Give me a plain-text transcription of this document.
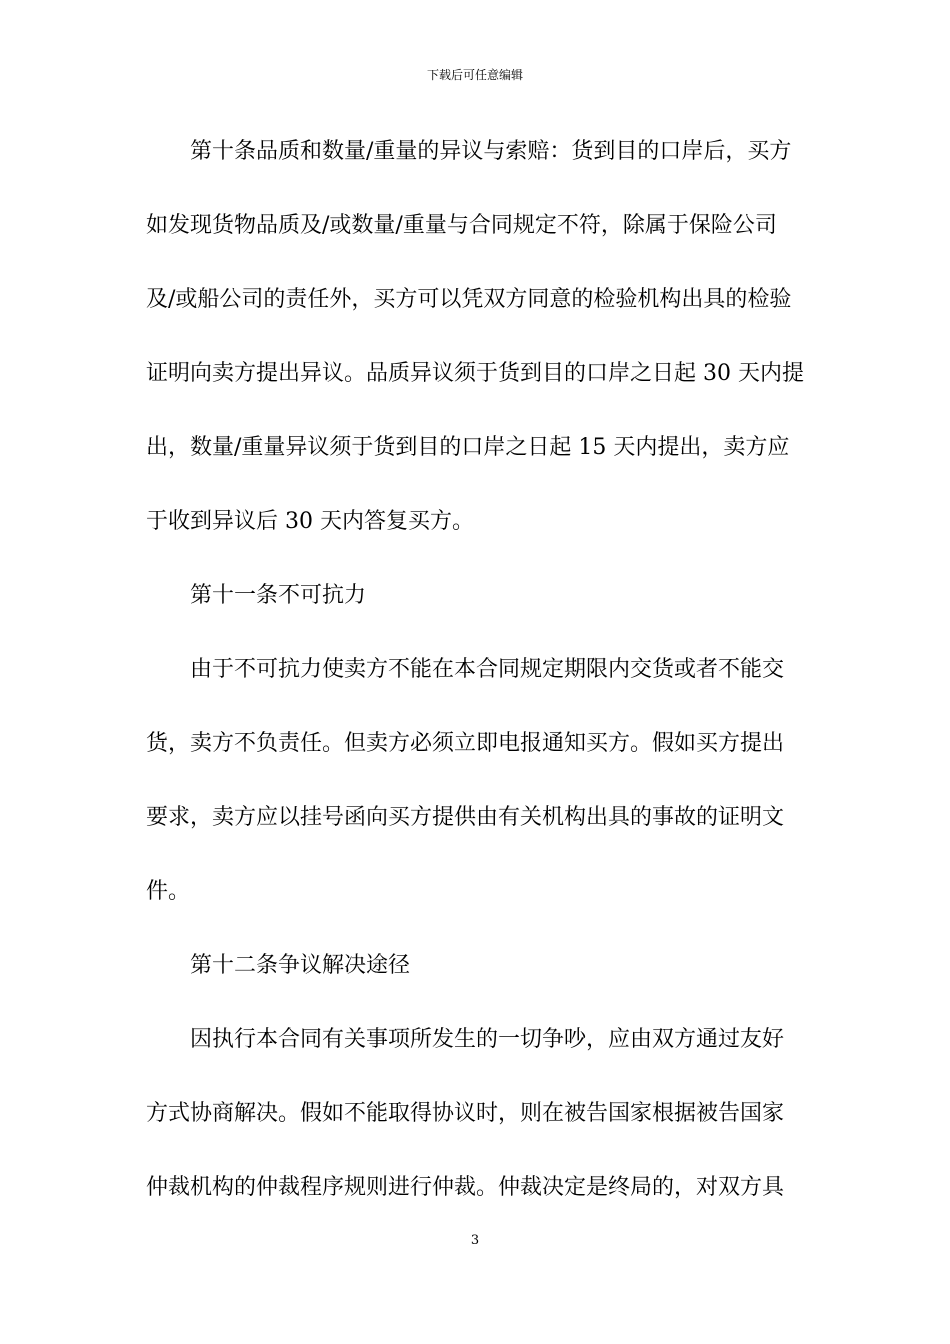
下载后可任意编辑
第十条品质和数量/重量的异议与索赔：货到目的口岸后，买方
如发现货物品质及/或数量/重量与合同规定不符，除属于保险公司
及/或船公司的责任外，买方可以凭双方同意的检验机构出具的检验
证明向卖方提出异议。品质异议须于货到目的口岸之日起 30 天内提
出，数量/重量异议须于货到目的口岸之日起 15 天内提出，卖方应
于收到异议后 30 天内答复买方。
第十一条不可抗力
由于不可抗力使卖方不能在本合同规定期限内交货或者不能交
货，卖方不负责任。但卖方必须立即电报通知买方。假如买方提出
要求，卖方应以挂号函向买方提供由有关机构出具的事故的证明文
件。
第十二条争议解决途径
因执行本合同有关事项所发生的一切争吵，应由双方通过友好
方式协商解决。假如不能取得协议时，则在被告国家根据被告国家
仲裁机构的仲裁程序规则进行仲裁。仲裁决定是终局的，对双方具
3
